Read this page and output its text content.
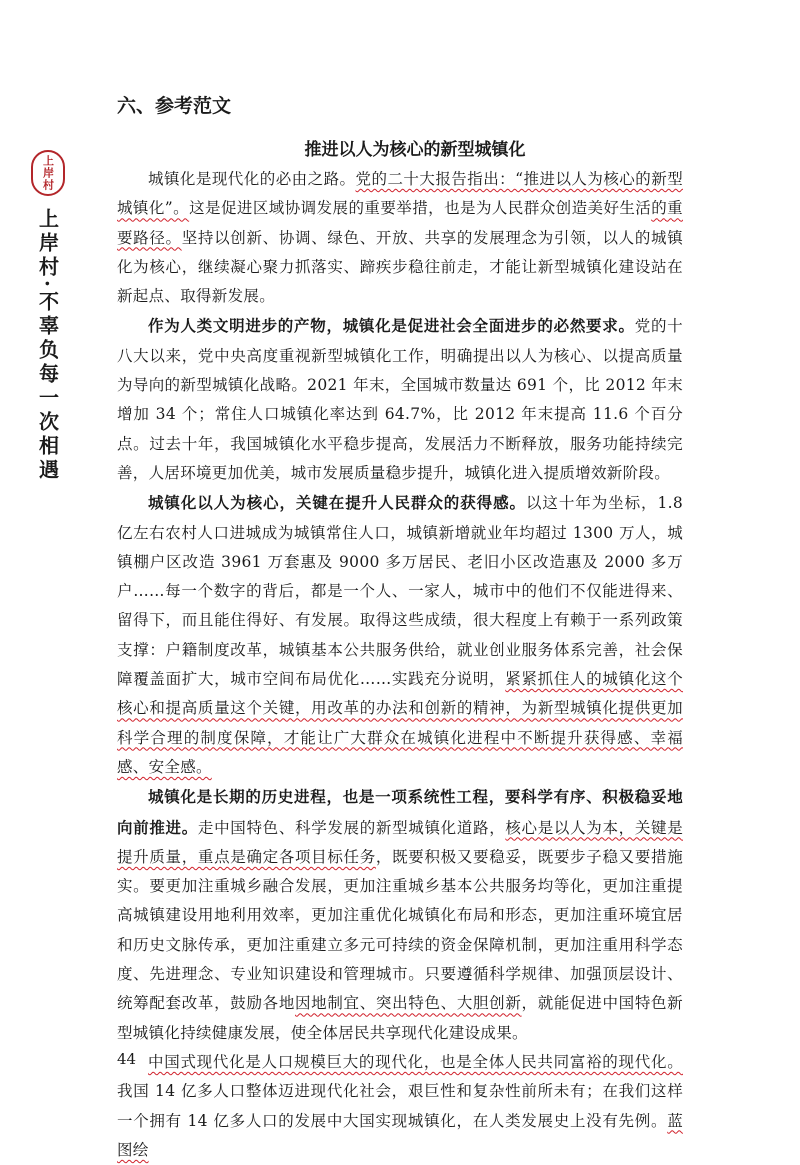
上岸村
上岸村·不辜负每一次相遇
六、参考范文
推进以人为核心的新型城镇化

城镇化是现代化的必由之路。党的二十大报告指出：“推进以人为核心的新型城镇化”。这是促进区域协调发展的重要举措，也是为人民群众创造美好生活的重要路径。坚持以创新、协调、绿色、开放、共享的发展理念为引领，以人的城镇化为核心，继续凝心聚力抓落实、蹄疾步稳往前走，才能让新型城镇化建设站在新起点、取得新发展。

作为人类文明进步的产物，城镇化是促进社会全面进步的必然要求。党的十八大以来，党中央高度重视新型城镇化工作，明确提出以人为核心、以提高质量为导向的新型城镇化战略。2021 年末，全国城市数量达 691 个，比 2012 年末增加 34 个；常住人口城镇化率达到 64.7%，比 2012 年末提高 11.6 个百分点。过去十年，我国城镇化水平稳步提高，发展活力不断释放，服务功能持续完善，人居环境更加优美，城市发展质量稳步提升，城镇化进入提质增效新阶段。

城镇化以人为核心，关键在提升人民群众的获得感。以这十年为坐标，1.8 亿左右农村人口进城成为城镇常住人口，城镇新增就业年均超过 1300 万人，城镇棚户区改造 3961 万套惠及 9000 多万居民、老旧小区改造惠及 2000 多万户……每一个数字的背后，都是一个人、一家人，城市中的他们不仅能进得来、留得下，而且能住得好、有发展。取得这些成绩，很大程度上有赖于一系列政策支撑：户籍制度改革，城镇基本公共服务供给，就业创业服务体系完善，社会保障覆盖面扩大，城市空间布局优化……实践充分说明，紧紧抓住人的城镇化这个核心和提高质量这个关键，用改革的办法和创新的精神，为新型城镇化提供更加科学合理的制度保障，才能让广大群众在城镇化进程中不断提升获得感、幸福感、安全感。

城镇化是长期的历史进程，也是一项系统性工程，要科学有序、积极稳妥地向前推进。走中国特色、科学发展的新型城镇化道路，核心是以人为本，关键是提升质量，重点是确定各项目标任务，既要积极又要稳妥，既要步子稳又要措施实。要更加注重城乡融合发展，更加注重城乡基本公共服务均等化，更加注重提高城镇建设用地利用效率，更加注重优化城镇化布局和形态，更加注重环境宜居和历史文脉传承，更加注重建立多元可持续的资金保障机制，更加注重用科学态度、先进理念、专业知识建设和管理城市。只要遵循科学规律、加强顶层设计、统筹配套改革，鼓励各地因地制宜、突出特色、大胆创新，就能促进中国特色新型城镇化持续健康发展，使全体居民共享现代化建设成果。

中国式现代化是人口规模巨大的现代化，也是全体人民共同富裕的现代化。我国 14 亿多人口整体迈进现代化社会，艰巨性和复杂性前所未有；在我们这样一个拥有 14 亿多人口的发展中大国实现城镇化，在人类发展史上没有先例。蓝图绘

44
